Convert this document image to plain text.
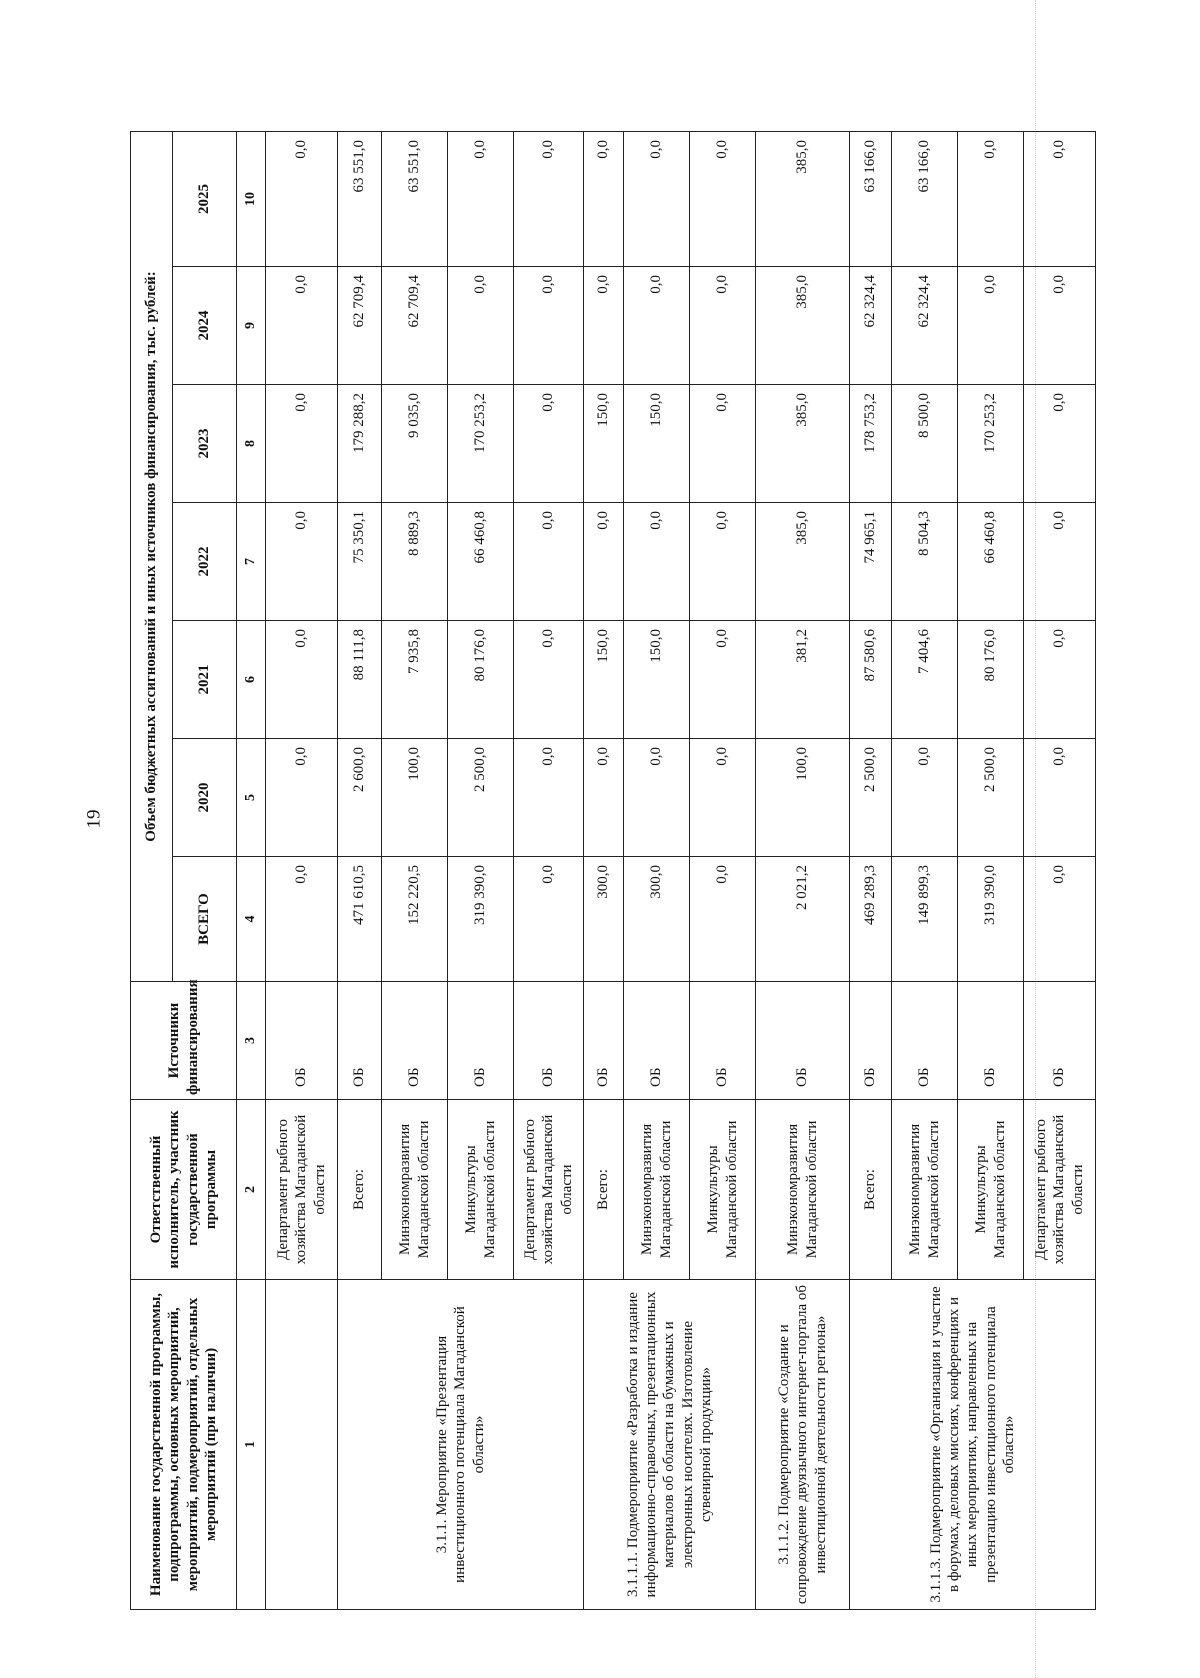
19
Наименование государственной программы, подпрограммы, основных мероприятий, мероприятий, подмероприятий, отдельных мероприятий (при наличии)	Ответственный исполнитель, участник государственной программы	Источники финансирования	Объем бюджетных ассигнований и иных источников финансирования, тыс. рублей:						
			ВСЕГО	2020	2021	2022	2023	2024	2025
1	2	3	4	5	6	7	8	9	10
	Департамент рыбного хозяйства Магаданской области	ОБ	0,0	0,0	0,0	0,0	0,0	0,0	0,0
3.1.1. Мероприятие «Презентация инвестиционного потенциала Магаданской области»	Всего:	ОБ	471 610,5	2 600,0	88 111,8	75 350,1	179 288,2	62 709,4	63 551,0
	Минэкономразвития Магаданской области	ОБ	152 220,5	100,0	7 935,8	8 889,3	9 035,0	62 709,4	63 551,0
	Минкультуры Магаданской области	ОБ	319 390,0	2 500,0	80 176,0	66 460,8	170 253,2	0,0	0,0
	Департамент рыбного хозяйства Магаданской области	ОБ	0,0	0,0	0,0	0,0	0,0	0,0	0,0
3.1.1.1. Подмероприятие «Разработка и издание информационно-справочных, презентационных материалов об области на бумажных и электронных носителях. Изготовление сувенирной продукции»	Всего:	ОБ	300,0	0,0	150,0	0,0	150,0	0,0	0,0
	Минэкономразвития Магаданской области	ОБ	300,0	0,0	150,0	0,0	150,0	0,0	0,0
	Минкультуры Магаданской области	ОБ	0,0	0,0	0,0	0,0	0,0	0,0	0,0
3.1.1.2. Подмероприятие «Создание и сопровождение двуязычного интернет-портала об инвестиционной деятельности региона»	Минэкономразвития Магаданской области	ОБ	2 021,2	100,0	381,2	385,0	385,0	385,0	385,0
3.1.1.3. Подмероприятие «Организация и участие в форумах, деловых миссиях, конференциях и иных мероприятиях, направленных на презентацию инвестиционного потенциала области»	Всего:	ОБ	469 289,3	2 500,0	87 580,6	74 965,1	178 753,2	62 324,4	63 166,0
	Минэкономразвития Магаданской области	ОБ	149 899,3	0,0	7 404,6	8 504,3	8 500,0	62 324,4	63 166,0
	Минкультуры Магаданской области	ОБ	319 390,0	2 500,0	80 176,0	66 460,8	170 253,2	0,0	0,0
	Департамент рыбного хозяйства Магаданской области	ОБ	0,0	0,0	0,0	0,0	0,0	0,0	0,0
